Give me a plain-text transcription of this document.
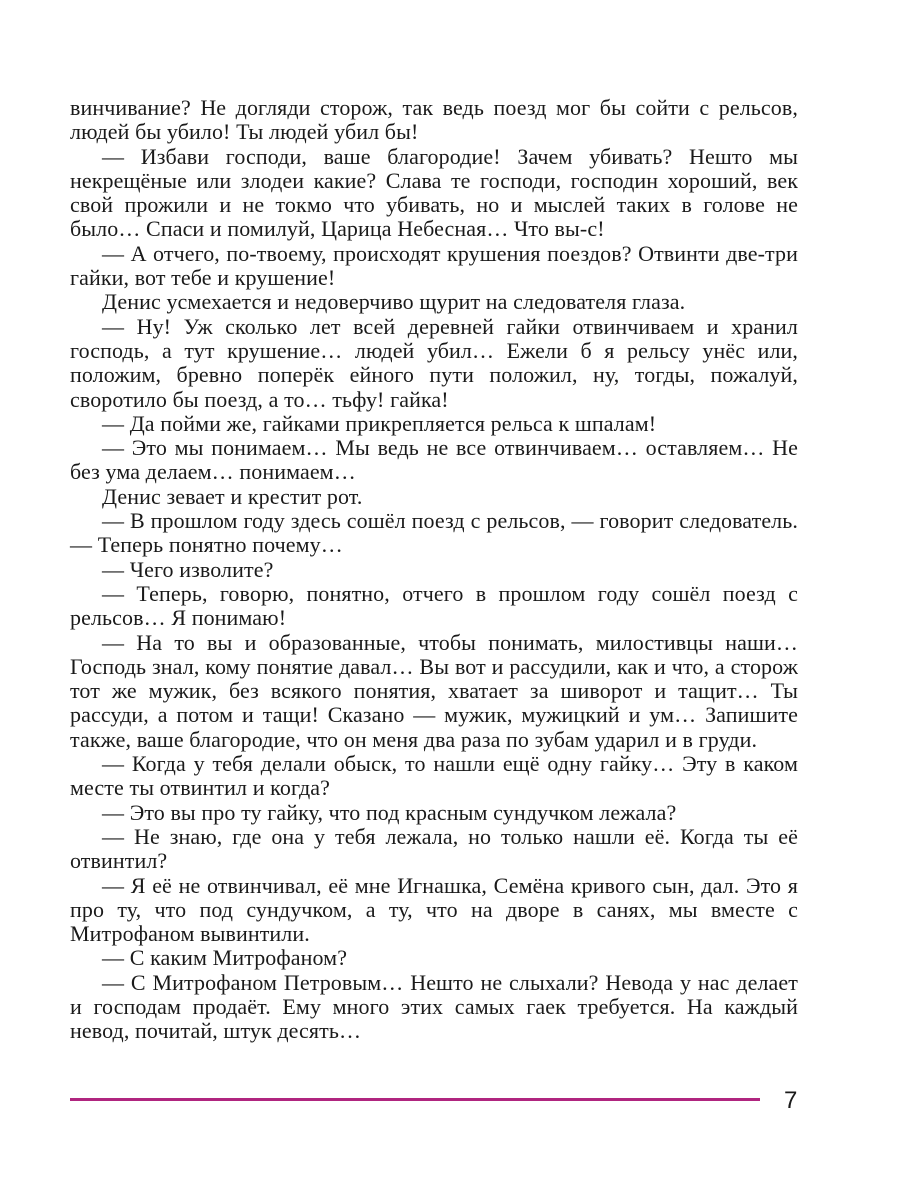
винчивание? Не догляди сторож, так ведь поезд мог бы сойти с рельсов, людей бы убило! Ты людей убил бы!

— Избави господи, ваше благородие! Зачем убивать? Нешто мы некрещёные или злодеи какие? Слава те господи, господин хороший, век свой прожили и не токмо что убивать, но и мыслей таких в голове не было… Спаси и помилуй, Царица Небесная… Что вы-с!

— А отчего, по-твоему, происходят крушения поездов? Отвинти две-три гайки, вот тебе и крушение!

Денис усмехается и недоверчиво щурит на следователя глаза.

— Ну! Уж сколько лет всей деревней гайки отвинчиваем и хранил господь, а тут крушение… людей убил… Ежели б я рельсу унёс или, положим, бревно поперёк ейного пути положил, ну, тогды, пожалуй, своротило бы поезд, а то… тьфу! гайка!

— Да пойми же, гайками прикрепляется рельса к шпалам!

— Это мы понимаем… Мы ведь не все отвинчиваем… оставляем… Не без ума делаем… понимаем…

Денис зевает и крестит рот.

— В прошлом году здесь сошёл поезд с рельсов, — говорит следователь. — Теперь понятно почему…

— Чего изволите?

— Теперь, говорю, понятно, отчего в прошлом году сошёл поезд с рельсов… Я понимаю!

— На то вы и образованные, чтобы понимать, милостивцы наши… Господь знал, кому понятие давал… Вы вот и рассудили, как и что, а сторож тот же мужик, без всякого понятия, хватает за шиворот и тащит… Ты рассуди, а потом и тащи! Сказано — мужик, мужицкий и ум… Запишите также, ваше благородие, что он меня два раза по зубам ударил и в груди.

— Когда у тебя делали обыск, то нашли ещё одну гайку… Эту в каком месте ты отвинтил и когда?

— Это вы про ту гайку, что под красным сундучком лежала?

— Не знаю, где она у тебя лежала, но только нашли её. Когда ты её отвинтил?

— Я её не отвинчивал, её мне Игнашка, Семёна кривого сын, дал. Это я про ту, что под сундучком, а ту, что на дворе в санях, мы вместе с Митрофаном вывинтили.

— С каким Митрофаном?

— С Митрофаном Петровым… Нешто не слыхали? Невода у нас делает и господам продаёт. Ему много этих самых гаек требуется. На каждый невод, почитай, штук десять…

7
